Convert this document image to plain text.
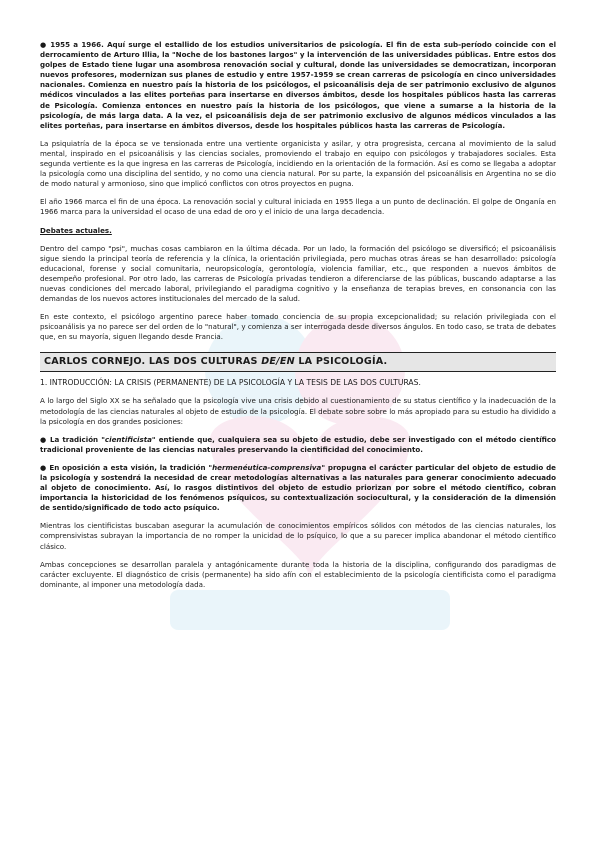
● 1955 a 1966. Aquí surge el estallido de los estudios universitarios de psicología. El fin de esta sub-período coincide con el derrocamiento de Arturo Illia, la "Noche de los bastones largos" y la intervención de las universidades públicas. Entre estos dos golpes de Estado tiene lugar una asombrosa renovación social y cultural, donde las universidades se democratizan, incorporan nuevos profesores, modernizan sus planes de estudio y entre 1957-1959 se crean carreras de psicología en cinco universidades nacionales. Comienza en nuestro país la historia de los psicólogos, el psicoanálisis deja de ser patrimonio exclusivo de algunos médicos vinculados a las elites porteñas para insertarse en diversos ámbitos, desde los hospitales públicos hasta las carreras de Psicología. Comienza entonces en nuestro país la historia de los psicólogos, que viene a sumarse a la historia de la psicología, de más larga data. A la vez, el psicoanálisis deja de ser patrimonio exclusivo de algunos médicos vinculados a las elites porteñas, para insertarse en ámbitos diversos, desde los hospitales públicos hasta las carreras de Psicología.

La psiquiatría de la época se ve tensionada entre una vertiente organicista y asilar, y otra progresista, cercana al movimiento de la salud mental, inspirado en el psicoanálisis y las ciencias sociales, promoviendo el trabajo en equipo con psicólogos y trabajadores sociales. Esta segunda vertiente es la que ingresa en las carreras de Psicología, incidiendo en la orientación de la formación. Así es como se llegaba a adoptar la psicología como una disciplina del sentido, y no como una ciencia natural. Por su parte, la expansión del psicoanálisis en Argentina no se dio de modo natural y armonioso, sino que implicó conflictos con otros proyectos en pugna.

El año 1966 marca el fin de una época. La renovación social y cultural iniciada en 1955 llega a un punto de declinación. El golpe de Onganía en 1966 marca para la universidad el ocaso de una edad de oro y el inicio de una larga decadencia.

Debates actuales.

Dentro del campo "psi", muchas cosas cambiaron en la última década. Por un lado, la formación del psicólogo se diversificó; el psicoanálisis sigue siendo la principal teoría de referencia y la clínica, la orientación privilegiada, pero muchas otras áreas se han desarrollado: psicología educacional, forense y social comunitaria, neuropsicología, gerontología, violencia familiar, etc., que responden a nuevos ámbitos de desempeño profesional. Por otro lado, las carreras de Psicología privadas tendieron a diferenciarse de las públicas, buscando adaptarse a las nuevas condiciones del mercado laboral, privilegiando el paradigma cognitivo y la enseñanza de terapias breves, en consonancia con las demandas de los nuevos actores institucionales del mercado de la salud.

En este contexto, el psicólogo argentino parece haber tomado conciencia de su propia excepcionalidad; su relación privilegiada con el psicoanálisis ya no parece ser del orden de lo "natural", y comienza a ser interrogada desde diversos ángulos. En todo caso, se trata de debates que, en su mayoría, siguen llegando desde Francia.

CARLOS CORNEJO. LAS DOS CULTURAS DE/EN LA PSICOLOGÍA.

1. INTRODUCCIÓN: LA CRISIS (PERMANENTE) DE LA PSICOLOGÍA Y LA TESIS DE LAS DOS CULTURAS.

A lo largo del Siglo XX se ha señalado que la psicología vive una crisis debido al cuestionamiento de su status científico y la inadecuación de la metodología de las ciencias naturales al objeto de estudio de la psicología. El debate sobre sobre lo más apropiado para su estudio ha dividido a la psicología en dos grandes posiciones:

● La tradición "cientificista" entiende que, cualquiera sea su objeto de estudio, debe ser investigado con el método científico tradicional proveniente de las ciencias naturales preservando la cientificidad del conocimiento.

● En oposición a esta visión, la tradición "hermenéutica-comprensiva" propugna el carácter particular del objeto de estudio de la psicología y sostendrá la necesidad de crear metodologías alternativas a las naturales para generar conocimiento adecuado al objeto de conocimiento. Así, lo rasgos distintivos del objeto de estudio priorizan por sobre el método científico, cobran importancia la historicidad de los fenómenos psíquicos, su contextualización sociocultural, y la consideración de la dimensión de sentido/significado de todo acto psíquico.

Mientras los cientificistas buscaban asegurar la acumulación de conocimientos empíricos sólidos con métodos de las ciencias naturales, los comprensivistas subrayan la importancia de no romper la unicidad de lo psíquico, lo que a su parecer implica abandonar el método científico clásico.

Ambas concepciones se desarrollan paralela y antagónicamente durante toda la historia de la disciplina, configurando dos paradigmas de carácter excluyente. El diagnóstico de crisis (permanente) ha sido afín con el establecimiento de la psicología cientificista como el paradigma dominante, al imponer una metodología dada.
